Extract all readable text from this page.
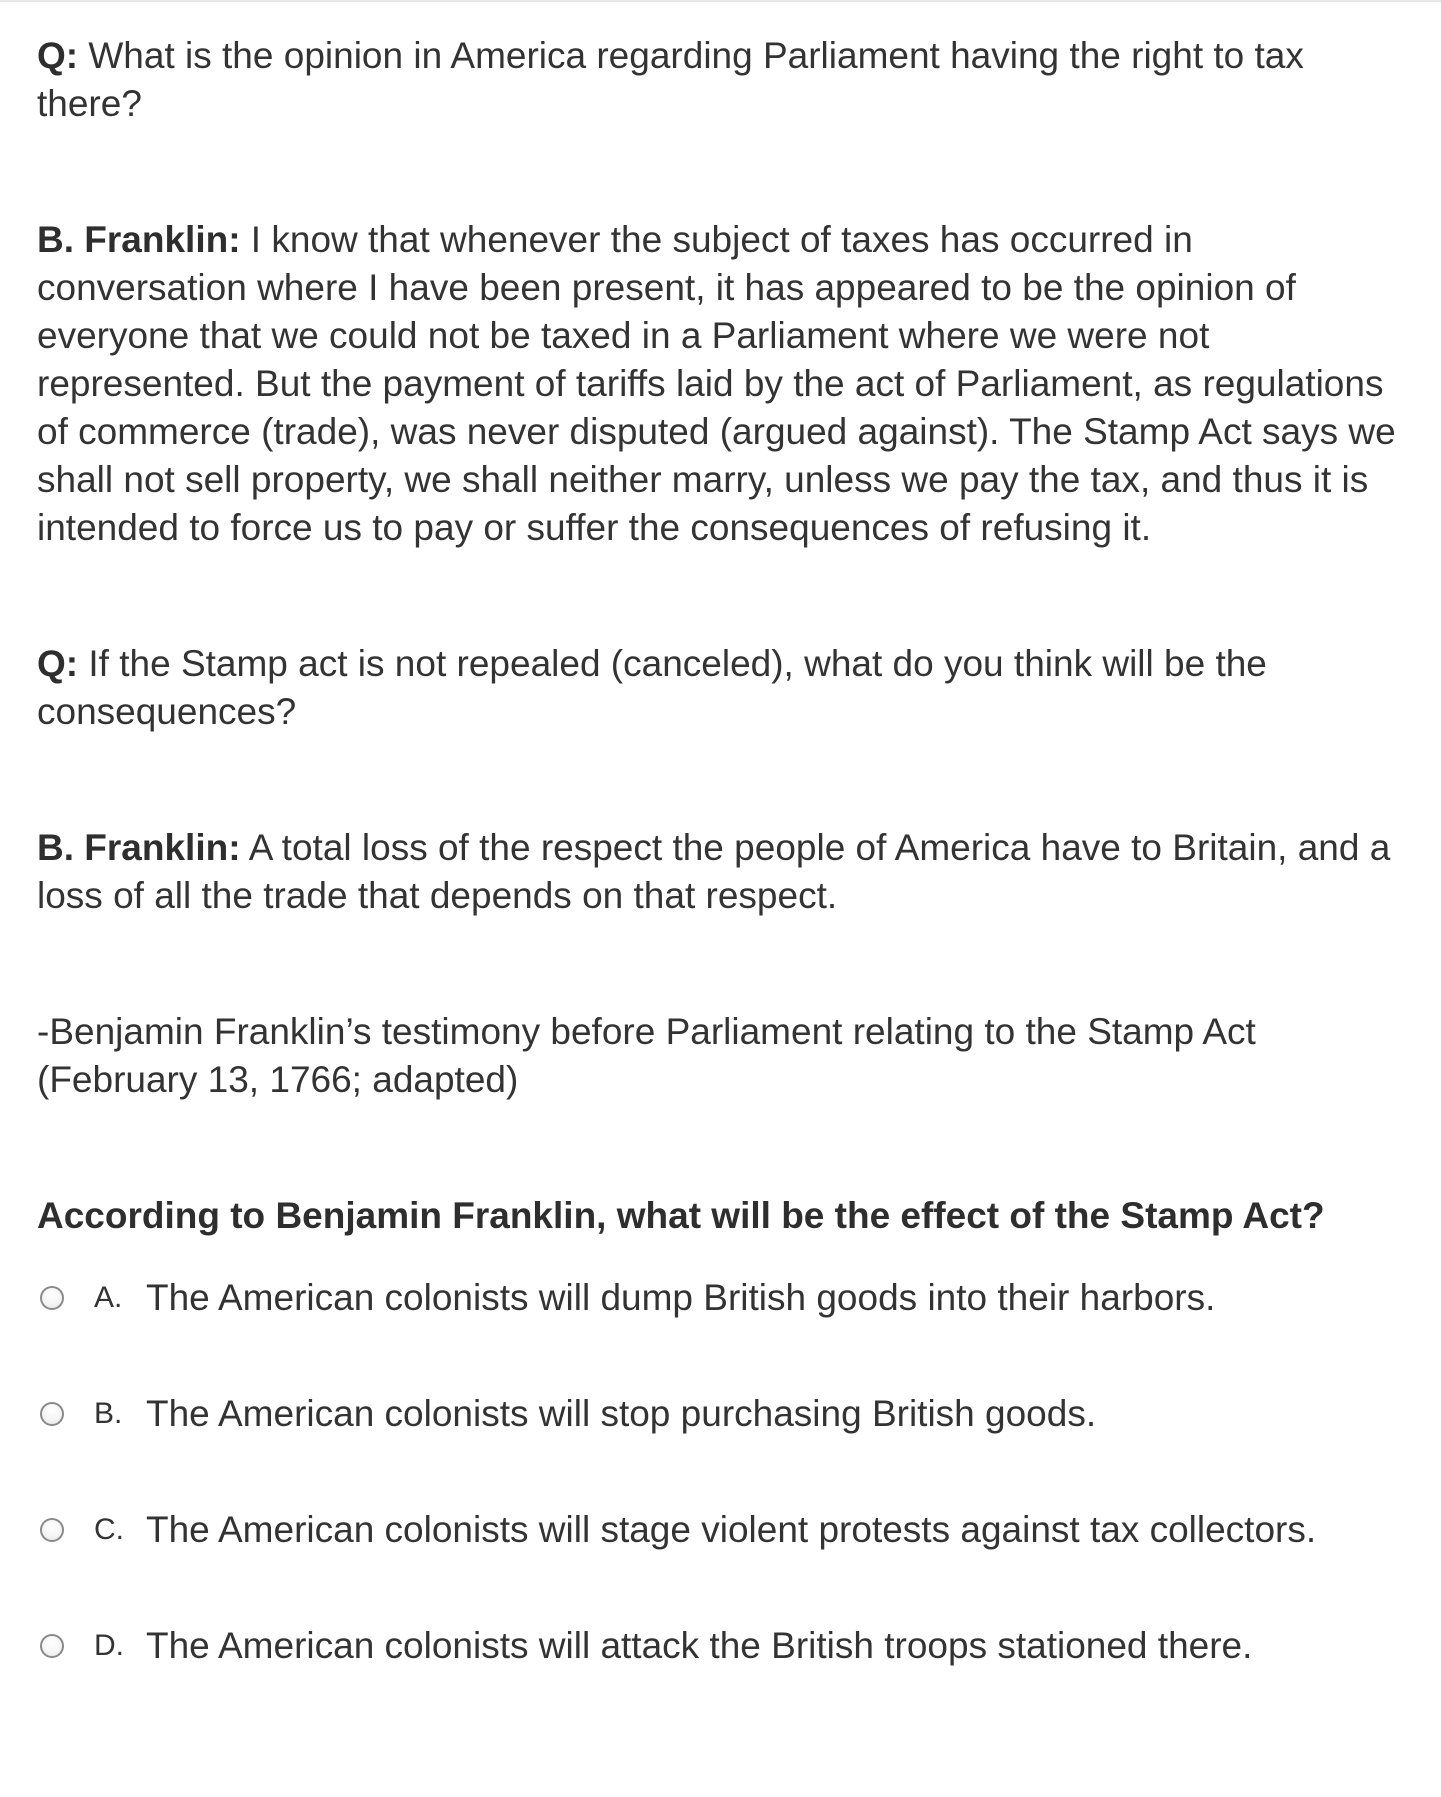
Q: What is the opinion in America regarding Parliament having the right to tax there?

B. Franklin: I know that whenever the subject of taxes has occurred in conversation where I have been present, it has appeared to be the opinion of everyone that we could not be taxed in a Parliament where we were not represented. But the payment of tariffs laid by the act of Parliament, as regulations of commerce (trade), was never disputed (argued against). The Stamp Act says we shall not sell property, we shall neither marry, unless we pay the tax, and thus it is intended to force us to pay or suffer the consequences of refusing it.

Q: If the Stamp act is not repealed (canceled), what do you think will be the consequences?

B. Franklin: A total loss of the respect the people of America have to Britain, and a loss of all the trade that depends on that respect.

-Benjamin Franklin’s testimony before Parliament relating to the Stamp Act (February 13, 1766; adapted)

According to Benjamin Franklin, what will be the effect of the Stamp Act?

A. The American colonists will dump British goods into their harbors.
B. The American colonists will stop purchasing British goods.
C. The American colonists will stage violent protests against tax collectors.
D. The American colonists will attack the British troops stationed there.
